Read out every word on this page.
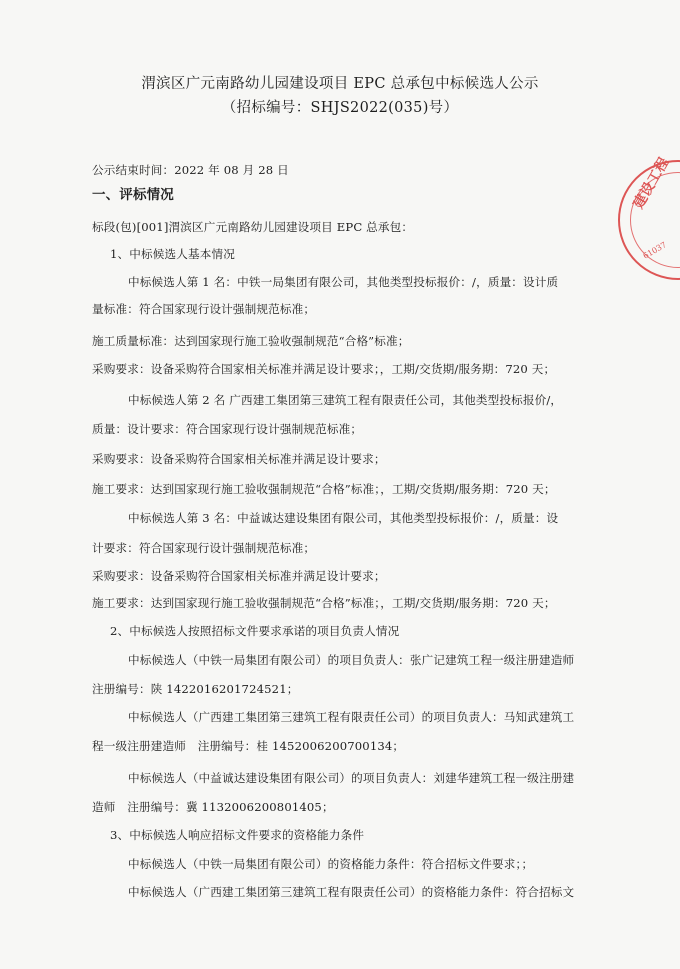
渭滨区广元南路幼儿园建设项目 EPC 总承包中标候选人公示
（招标编号：SHJS2022(035)号）
公示结束时间：2022 年 08 月 28 日
一、评标情况
标段(包)[001]渭滨区广元南路幼儿园建设项目 EPC 总承包：
1、中标候选人基本情况
中标候选人第 1 名：中铁一局集团有限公司，其他类型投标报价：/，质量：设计质
量标准：符合国家现行设计强制规范标准；
施工质量标准：达到国家现行施工验收强制规范“合格”标准；
采购要求：设备采购符合国家相关标准并满足设计要求；，工期/交货期/服务期：720 天；
中标候选人第 2 名 广西建工集团第三建筑工程有限责任公司，其他类型投标报价/，
质量：设计要求：符合国家现行设计强制规范标准；
采购要求：设备采购符合国家相关标准并满足设计要求；
施工要求：达到国家现行施工验收强制规范“合格”标准；，工期/交货期/服务期：720 天；
中标候选人第 3 名：中益诚达建设集团有限公司，其他类型投标报价：/，质量：设
计要求：符合国家现行设计强制规范标准；
采购要求：设备采购符合国家相关标准并满足设计要求；
施工要求：达到国家现行施工验收强制规范“合格”标准；，工期/交货期/服务期：720 天；
2、中标候选人按照招标文件要求承诺的项目负责人情况
中标候选人（中铁一局集团有限公司）的项目负责人：张广记建筑工程一级注册建造师
注册编号：陕 1422016201724521；
中标候选人（广西建工集团第三建筑工程有限责任公司）的项目负责人：马知武建筑工
程一级注册建造师　注册编号：桂 1452006200700134；
中标候选人（中益诚达建设集团有限公司）的项目负责人：刘建华建筑工程一级注册建
造师　注册编号：冀 1132006200801405；
3、中标候选人响应招标文件要求的资格能力条件
中标候选人（中铁一局集团有限公司）的资格能力条件：符合招标文件要求；；
中标候选人（广西建工集团第三建筑工程有限责任公司）的资格能力条件：符合招标文
建设工程
61037
